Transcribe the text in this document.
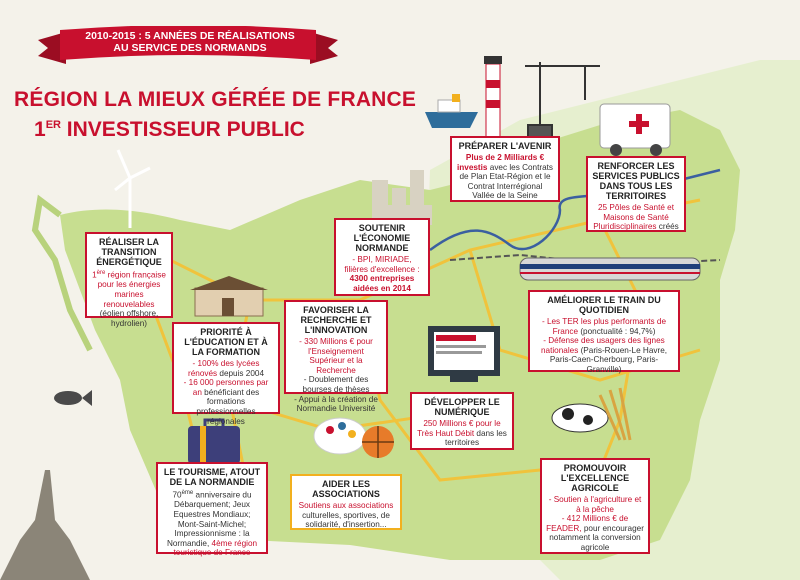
2010-2015 : 5 ANNÉES DE RÉALISATIONS
AU SERVICE DES NORMANDS
RÉGION LA MIEUX GÉRÉE DE FRANCE
1ER INVESTISSEUR PUBLIC
RÉALISER LA TRANSITION ÉNERGÉTIQUE

1ère région française pour les énergies marines renouvelables

(éolien offshore, hydrolien)

PRIORITÉ À L'ÉDUCATION ET À LA FORMATION

- 100% des lycées rénovés depuis 2004

- 16 000 personnes par an bénéficiant des formations professionnelles régionales

FAVORISER LA RECHERCHE ET L'INNOVATION

- 330 Millions € pour l'Enseignement Supérieur et la Recherche

- Doublement des bourses de thèses

- Appui à la création de Normandie Université

SOUTENIR L'ÉCONOMIE NORMANDE

- BPI, MIRIADE, filières d'excellence :

4300 entreprises aidées en 2014

PRÉPARER L'AVENIR

Plus de 2 Milliards € investis avec les Contrats de Plan Etat-Région et le Contrat Interrégional Vallée de la Seine

RENFORCER LES SERVICES PUBLICS DANS TOUS LES TERRITOIRES

25 Pôles de Santé et Maisons de Santé Pluridisciplinaires créés

AMÉLIORER LE TRAIN DU QUOTIDIEN

- Les TER les plus performants de France (ponctualité : 94,7%)

- Défense des usagers des lignes nationales (Paris-Rouen-Le Havre, Paris-Caen-Cherbourg, Paris-Granville)

DÉVELOPPER LE NUMÉRIQUE

250 Millions € pour le Très Haut Débit dans les territoires

PROMOUVOIR L'EXCELLENCE AGRICOLE

- Soutien à l'agriculture et à la pêche

- 412 Millions € de FEADER, pour encourager notamment la conversion agricole

LE TOURISME, ATOUT DE LA NORMANDIE

70ème anniversaire du Débarquement; Jeux Equestres Mondiaux; Mont-Saint-Michel; Impressionnisme : la Normandie, 4ème région touristique de France

AIDER LES ASSOCIATIONS

Soutiens aux associations culturelles, sportives, de solidarité, d'insertion...
